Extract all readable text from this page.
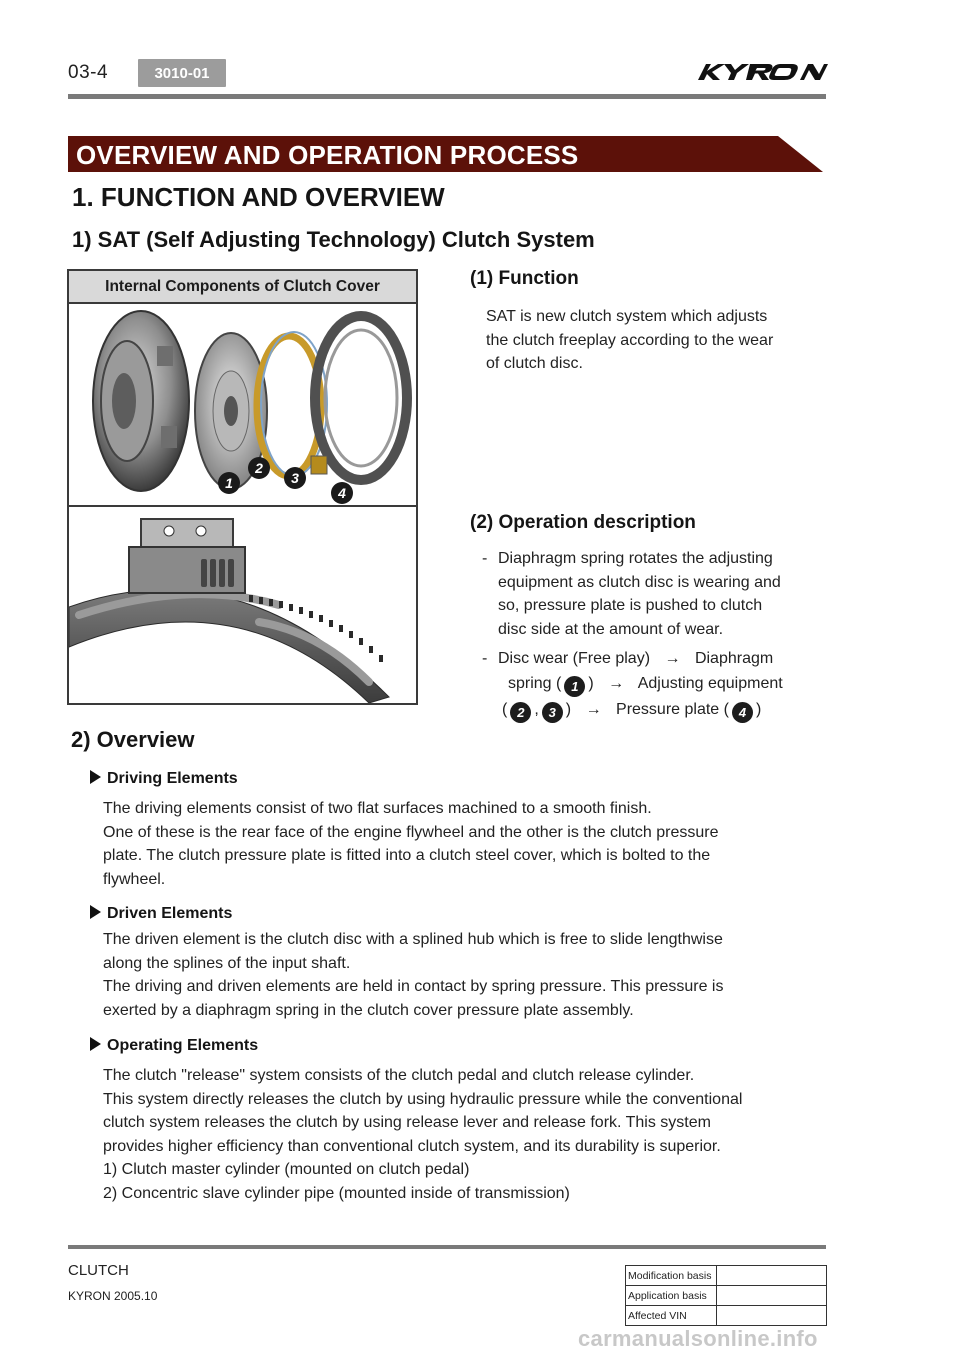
03-4	3010-01
OVERVIEW AND OPERATION PROCESS
1. FUNCTION AND OVERVIEW
1) SAT (Self Adjusting Technology) Clutch System
Internal Components of Clutch Cover
1
2
3
4
(1) Function
SAT is new clutch system which adjusts
the clutch freeplay according to the wear
of clutch disc.
(2) Operation description
- Diaphragm spring rotates the adjusting
equipment as clutch disc is wearing and
so, pressure plate is pushed to clutch
disc side at the amount of wear.
- Disc wear (Free play) → Diaphragm
spring ( 1 ) → Adjusting equipment
( 2 , 3 ) → Pressure plate ( 4 )
2) Overview
Driving Elements
The driving elements consist of two flat surfaces machined to a smooth finish.
One of these is the rear face of the engine flywheel and the other is the clutch pressure
plate. The clutch pressure plate is fitted into a clutch steel cover, which is bolted to the
flywheel.
Driven Elements
The driven element is the clutch disc with a splined hub which is free to slide lengthwise
along the splines of the input shaft.
The driving and driven elements are held in contact by spring pressure. This pressure is
exerted by a diaphragm spring in the clutch cover pressure plate assembly.
Operating Elements
The clutch "release" system consists of the clutch pedal and clutch release cylinder.
This system directly releases the clutch by using hydraulic pressure while the conventional
clutch system releases the clutch by using release lever and release fork. This system
provides higher efficiency than conventional clutch system, and its durability is superior.
1) Clutch master cylinder (mounted on clutch pedal)
2) Concentric slave cylinder pipe (mounted inside of transmission)
CLUTCH
KYRON 2005.10
Modification basis	
Application basis	
Affected VIN	
carmanualsonline.info
